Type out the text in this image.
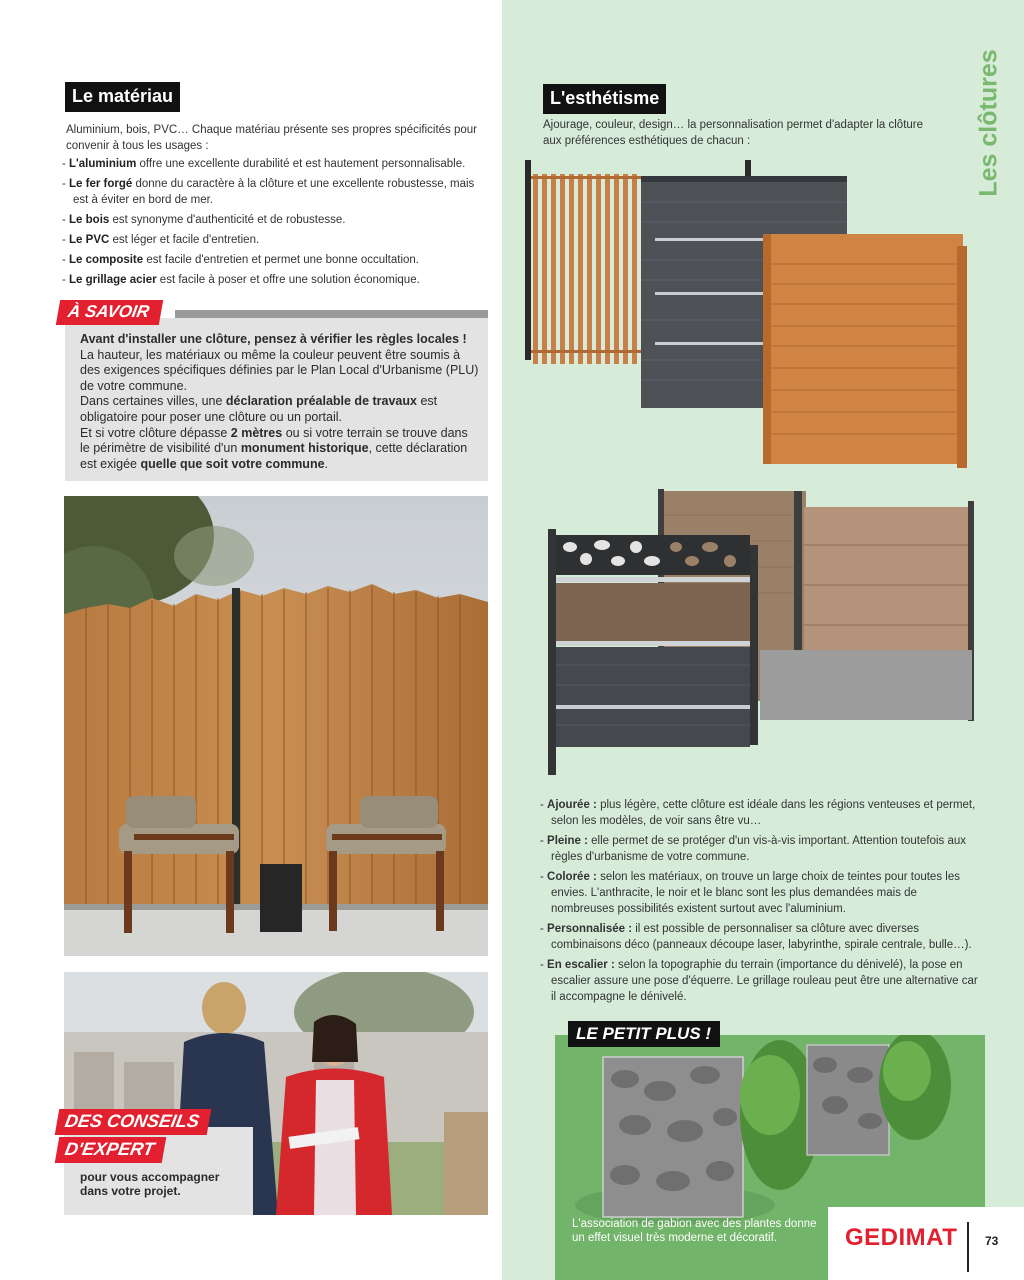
Les clôtures
Le matériau
Aluminium, bois, PVC… Chaque matériau présente ses propres spécificités pour convenir à tous les usages :
- L'aluminium offre une excellente durabilité et est hautement personnalisable.
- Le fer forgé donne du caractère à la clôture et une excellente robustesse, mais est à éviter en bord de mer.
- Le bois est synonyme d'authenticité et de robustesse.
- Le PVC est léger et facile d'entretien.
- Le composite est facile d'entretien et permet une bonne occultation.
- Le grillage acier est facile à poser et offre une solution économique.
À SAVOIR
Avant d'installer une clôture, pensez à vérifier les règles locales !
La hauteur, les matériaux ou même la couleur peuvent être soumis à des exigences spécifiques définies par le Plan Local d'Urbanisme (PLU) de votre commune.
Dans certaines villes, une déclaration préalable de travaux est obligatoire pour poser une clôture ou un portail.
Et si votre clôture dépasse 2 mètres ou si votre terrain se trouve dans le périmètre de visibilité d'un monument historique, cette déclaration est exigée quelle que soit votre commune.
DES CONSEILS
D'EXPERT
pour vous accompagner dans votre projet.
L'esthétisme
Ajourage, couleur, design… la personnalisation permet d'adapter la clôture aux préférences esthétiques de chacun :
- Ajourée : plus légère, cette clôture est idéale dans les régions venteuses et permet, selon les modèles, de voir sans être vu…
- Pleine : elle permet de se protéger d'un vis-à-vis important. Attention toutefois aux règles d'urbanisme de votre commune.
- Colorée : selon les matériaux, on trouve un large choix de teintes pour toutes les envies. L'anthracite, le noir et le blanc sont les plus demandées mais de nombreuses possibilités existent surtout avec l'aluminium.
- Personnalisée : il est possible de personnaliser sa clôture avec diverses combinaisons déco (panneaux découpe laser, labyrinthe, spirale centrale, bulle…).
- En escalier : selon la topographie du terrain (importance du dénivelé), la pose en escalier assure une pose d'équerre. Le grillage rouleau peut être une alternative car il accompagne le dénivelé.
LE PETIT PLUS !
L'association de gabion avec des plantes donne un effet visuel très moderne et décoratif.	GEDIMAT 73
